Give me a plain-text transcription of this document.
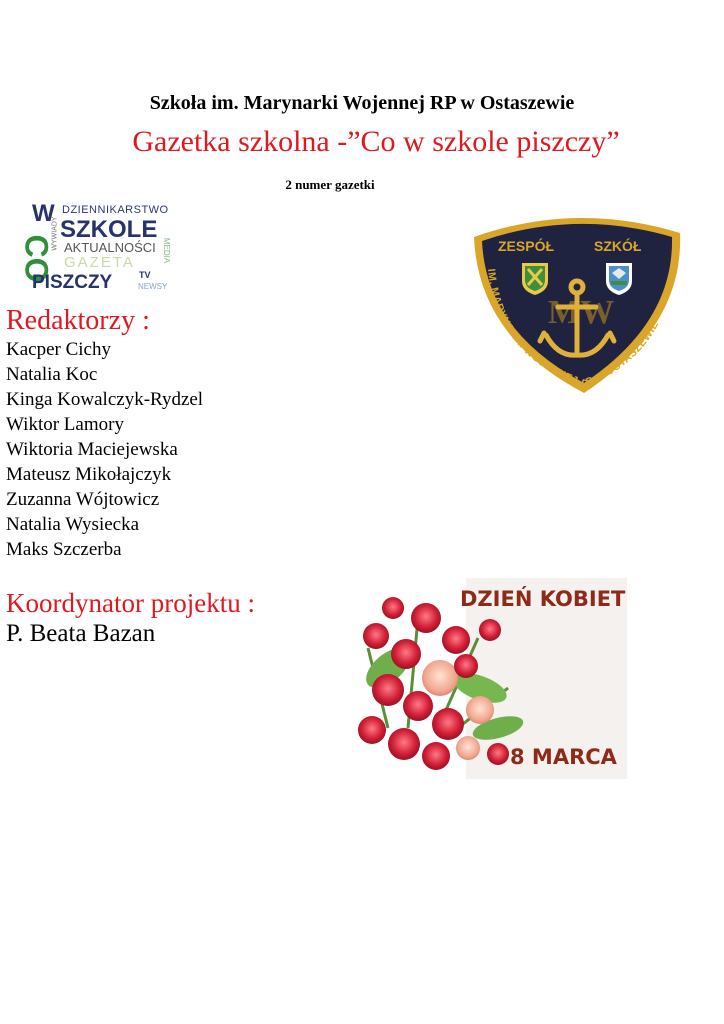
Szkoła im. Marynarki Wojennej RP w Ostaszewie
Gazetka szkolna -”Co w szkole piszczy”
2 numer gazetki
W DZIENNIKARSTWO
CO
WYWIADY SZKOLE
AKTUALNOŚCI
GAZETA	MEDIA
PISZCZY	TV
NEWSY
Redaktorzy :
Kacper Cichy
Natalia Koc
Kinga Kowalczyk-Rydzel
Wiktor Lamory
Wiktoria Maciejewska
Mateusz Mikołajczyk
Zuzanna Wójtowicz
Natalia Wysiecka
Maks Szczerba
Koordynator projektu :
P. Beata Bazan
ZESPÓŁ	SZKÓŁ
MW
IM. MARYNARKI WOJENNEJ RP w OSTASZEWIE
DZIEŃ KOBIET
8 MARCA
